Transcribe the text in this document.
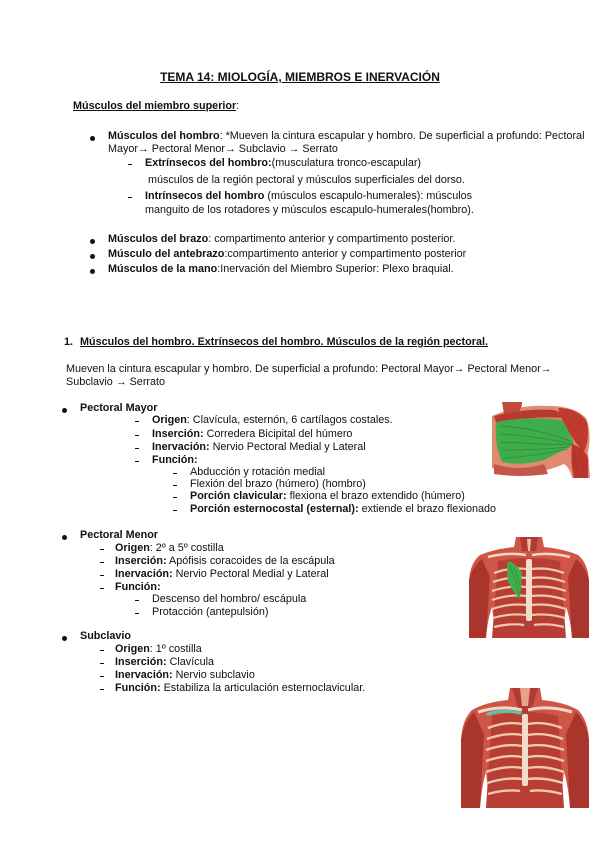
TEMA 14: MIOLOGÍA, MIEMBROS E INERVACIÓN
Músculos del miembro superior:
Músculos del hombro: *Mueven la cintura escapular y hombro. De superficial a profundo: Pectoral
Mayor→ Pectoral Menor→ Subclavio → Serrato
Extrínsecos del hombro:(musculatura tronco-escapular)
músculos de la región pectoral y músculos superficiales del dorso.
Intrínsecos del hombro (músculos escapulo-humerales): músculos
manguito de los rotadores y músculos escapulo-humerales(hombro).
Músculos del brazo: compartimento anterior y compartimento posterior.
Músculo del antebrazo:compartimento anterior y compartimento posterior
Músculos de la mano:Inervación del Miembro Superior: Plexo braquial.
1. Músculos del hombro. Extrínsecos del hombro. Músculos de la región pectoral.
Mueven la cintura escapular y hombro. De superficial a profundo: Pectoral Mayor→ Pectoral Menor→
Subclavio → Serrato
Pectoral Mayor
Origen: Clavícula, esternón, 6 cartílagos costales.
Inserción: Corredera Bicipital del húmero
Inervación: Nervio Pectoral Medial y Lateral
Función:
Abducción y rotación medial
Flexión del brazo (húmero) (hombro)
Porción clavicular: flexiona el brazo extendido (húmero)
Porción esternocostal (esternal): extiende el brazo flexionado
Pectoral Menor
Origen: 2º a 5º costilla
Inserción: Apófisis coracoides de la escápula
Inervación: Nervio Pectoral Medial y Lateral
Función:
Descenso del hombro/ escápula
Protacción (antepulsión)
Subclavio
Origen: 1º costilla
Inserción: Clavícula
Inervación: Nervio subclavio
Función: Estabiliza la articulación esternoclavicular.
